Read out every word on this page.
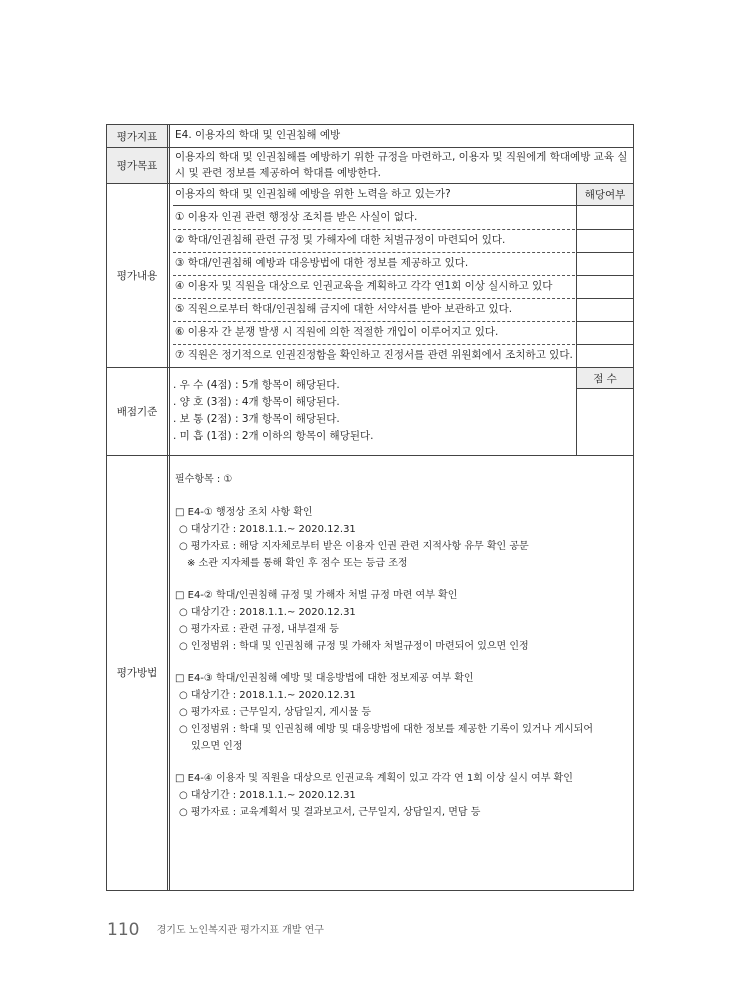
평가지표
평가목표
평가내용
배점기준
평가방법
해당여부
점 수
E4. 이용자의 학대 및 인권침해 예방
이용자의 학대 및 인권침해를 예방하기 위한 규정을 마련하고, 이용자 및 직원에게 학대예방 교육 실
시 및 관련 정보를 제공하여 학대를 예방한다.
이용자의 학대 및 인권침해 예방을 위한 노력을 하고 있는가?
① 이용자 인권 관련 행정상 조치를 받은 사실이 없다.
② 학대/인권침해 관련 규정 및 가해자에 대한 처벌규정이 마련되어 있다.
③ 학대/인권침해 예방과 대응방법에 대한 정보를 제공하고 있다.
④ 이용자 및 직원을 대상으로 인권교육을 계획하고 각각 연1회 이상 실시하고 있다
⑤ 직원으로부터 학대/인권침해 금지에 대한 서약서를 받아 보관하고 있다.
⑥ 이용자 간 분쟁 발생 시 직원에 의한 적절한 개입이 이루어지고 있다.
⑦ 직원은 정기적으로 인권진정함을 확인하고 진정서를 관련 위원회에서 조치하고 있다.
. 우 수 (4점) : 5개 항목이 해당된다.
. 양 호 (3점) : 4개 항목이 해당된다.
. 보 통 (2점) : 3개 항목이 해당된다.
. 미 흡 (1점) : 2개 이하의 항목이 해당된다.
필수항목 : ①
□ E4-① 행정상 조치 사항 확인
○ 대상기간 : 2018.1.1.~ 2020.12.31
○ 평가자료 : 해당 지자체로부터 받은 이용자 인권 관련 지적사항 유무 확인 공문
※ 소관 지자체를 통해 확인 후 점수 또는 등급 조정
□ E4-② 학대/인권침해 규정 및 가해자 처벌 규정 마련 여부 확인
○ 대상기간 : 2018.1.1.~ 2020.12.31
○ 평가자료 : 관련 규정, 내부결재 등
○ 인정범위 : 학대 및 인권침해 규정 및 가해자 처벌규정이 마련되어 있으면 인정
□ E4-③ 학대/인권침해 예방 및 대응방법에 대한 정보제공 여부 확인
○ 대상기간 : 2018.1.1.~ 2020.12.31
○ 평가자료 : 근무일지, 상담일지, 게시물 등
○ 인정범위 : 학대 및 인권침해 예방 및 대응방법에 대한 정보를 제공한 기록이 있거나 게시되어
있으면 인정
□ E4-④ 이용자 및 직원을 대상으로 인권교육 계획이 있고 각각 연 1회 이상 실시 여부 확인
○ 대상기간 : 2018.1.1.~ 2020.12.31
○ 평가자료 : 교육계획서 및 결과보고서, 근무일지, 상담일지, 면담 등
110 경기도 노인복지관 평가지표 개발 연구
